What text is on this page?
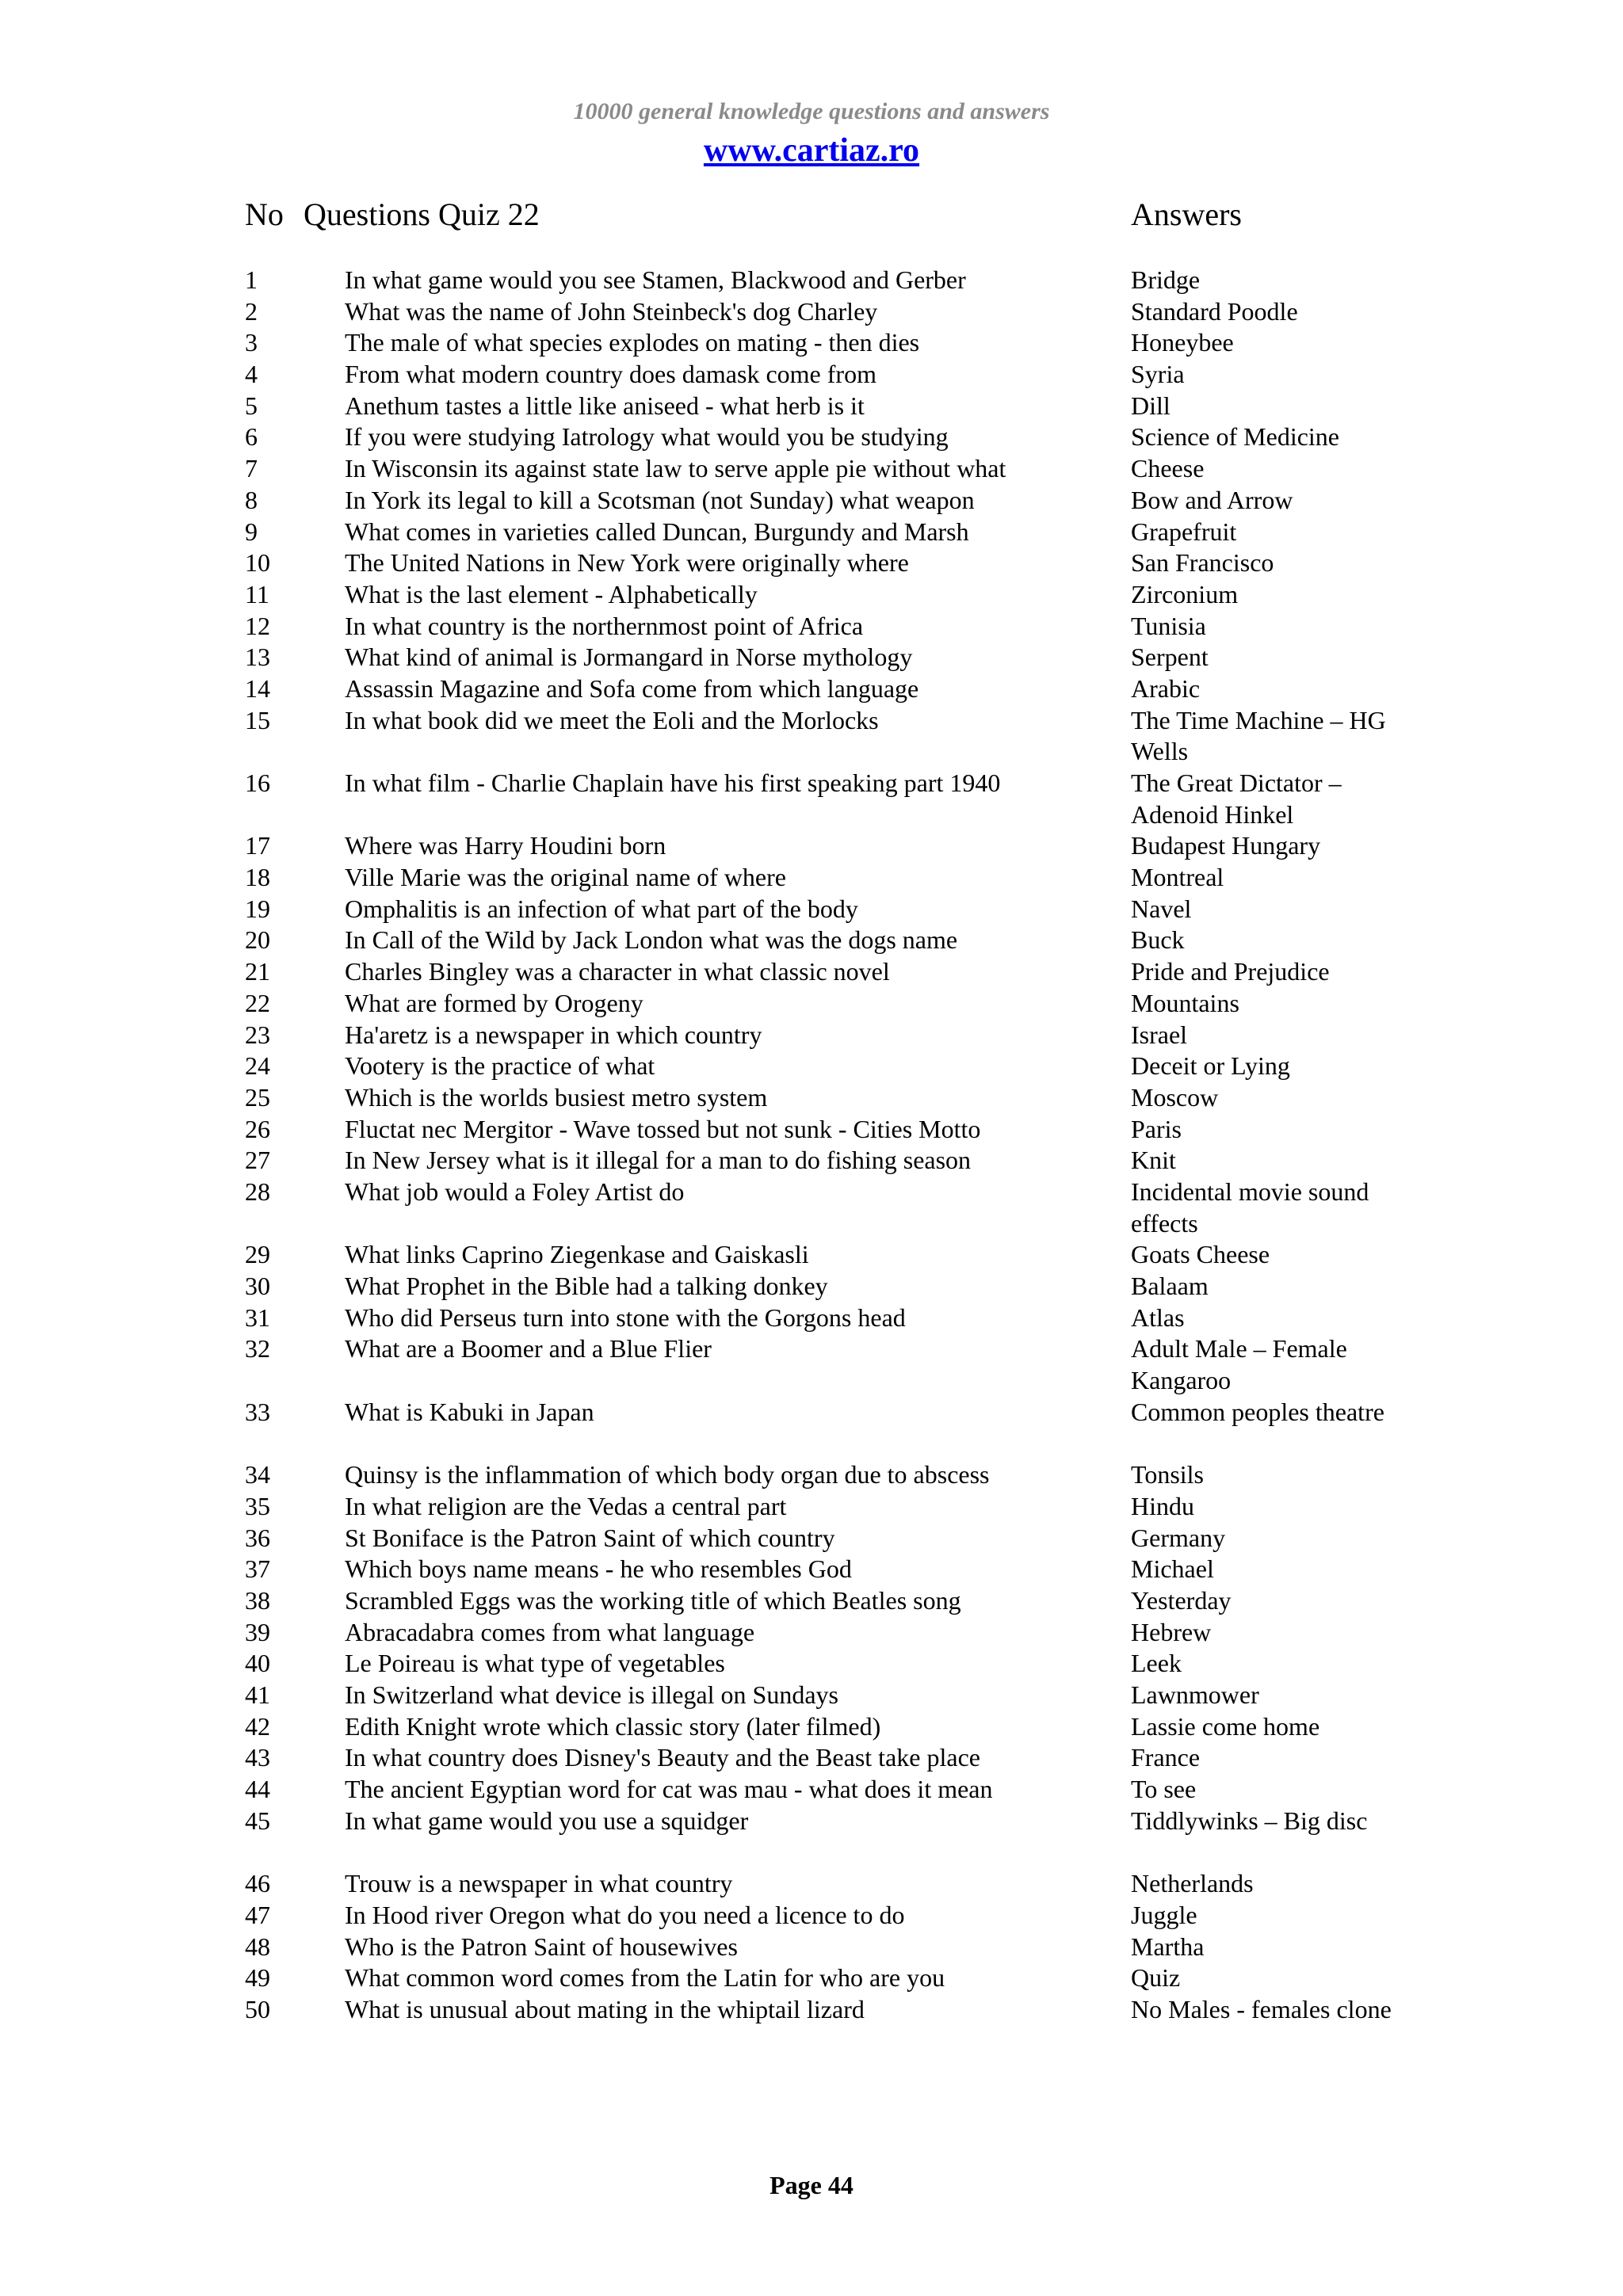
10000 general knowledge questions and answers
www.cartiaz.ro
No Questions Quiz 22	Answers
1	In what game would you see Stamen, Blackwood and Gerber	Bridge
2	What was the name of John Steinbeck's dog Charley	Standard Poodle
3	The male of what species explodes on mating - then dies	Honeybee
4	From what modern country does damask come from	Syria
5	Anethum tastes a little like aniseed - what herb is it	Dill
6	If you were studying Iatrology what would you be studying	Science of Medicine
7	In Wisconsin its against state law to serve apple pie without what	Cheese
8	In York its legal to kill a Scotsman (not Sunday) what weapon	Bow and Arrow
9	What comes in varieties called Duncan, Burgundy and Marsh	Grapefruit
10	The United Nations in New York were originally where	San Francisco
11	What is the last element - Alphabetically	Zirconium
12	In what country is the northernmost point of Africa	Tunisia
13	What kind of animal is Jormangard in Norse mythology	Serpent
14	Assassin Magazine and Sofa come from which language	Arabic
15	In what book did we meet the Eoli and the Morlocks	The Time Machine – HG Wells
16	In what film - Charlie Chaplain have his first speaking part 1940	The Great Dictator – Adenoid Hinkel
17	Where was Harry Houdini born	Budapest Hungary
18	Ville Marie was the original name of where	Montreal
19	Omphalitis is an infection of what part of the body	Navel
20	In Call of the Wild by Jack London what was the dogs name	Buck
21	Charles Bingley was a character in what classic novel	Pride and Prejudice
22	What are formed by Orogeny	Mountains
23	Ha'aretz is a newspaper in which country	Israel
24	Vootery is the practice of what	Deceit or Lying
25	Which is the worlds busiest metro system	Moscow
26	Fluctat nec Mergitor - Wave tossed but not sunk - Cities Motto	Paris
27	In New Jersey what is it illegal for a man to do fishing season	Knit
28	What job would a Foley Artist do	Incidental movie sound effects
29	What links Caprino Ziegenkase and Gaiskasli	Goats Cheese
30	What Prophet in the Bible had a talking donkey	Balaam
31	Who did Perseus turn into stone with the Gorgons head	Atlas
32	What are a Boomer and a Blue Flier	Adult Male – Female Kangaroo
33	What is Kabuki in Japan	Common peoples theatre
34	Quinsy is the inflammation of which body organ due to abscess	Tonsils
35	In what religion are the Vedas a central part	Hindu
36	St Boniface is the Patron Saint of which country	Germany
37	Which boys name means - he who resembles God	Michael
38	Scrambled Eggs was the working title of which Beatles song	Yesterday
39	Abracadabra comes from what language	Hebrew
40	Le Poireau is what type of vegetables	Leek
41	In Switzerland what device is illegal on Sundays	Lawnmower
42	Edith Knight wrote which classic story (later filmed)	Lassie come home
43	In what country does Disney's Beauty and the Beast take place	France
44	The ancient Egyptian word for cat was mau - what does it mean	To see
45	In what game would you use a squidger	Tiddlywinks – Big disc
46	Trouw is a newspaper in what country	Netherlands
47	In Hood river Oregon what do you need a licence to do	Juggle
48	Who is the Patron Saint of housewives	Martha
49	What common word comes from the Latin for who are you	Quiz
50	What is unusual about mating in the whiptail lizard	No Males - females clone
Page 44
